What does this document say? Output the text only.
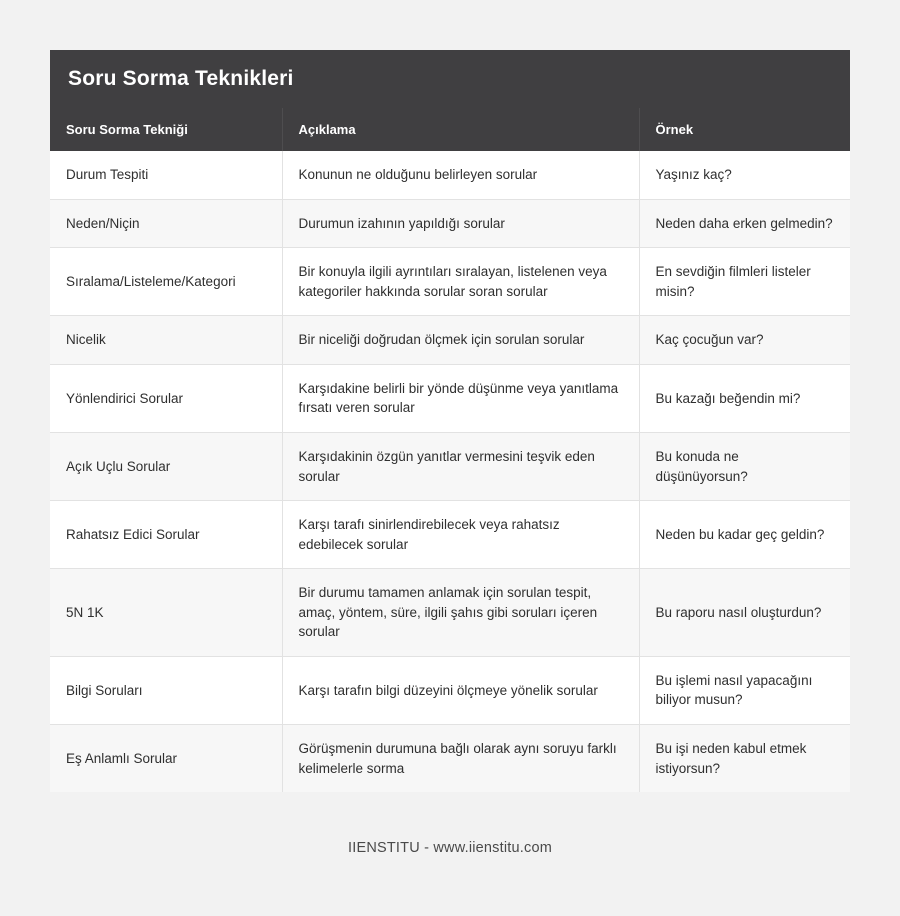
Soru Sorma Teknikleri
Soru Sorma Tekniği	Açıklama	Örnek
Durum Tespiti	Konunun ne olduğunu belirleyen sorular	Yaşınız kaç?
Neden/Niçin	Durumun izahının yapıldığı sorular	Neden daha erken gelmedin?
Sıralama/Listeleme/Kategori	Bir konuyla ilgili ayrıntıları sıralayan, listelenen veya kategoriler hakkında sorular soran sorular	En sevdiğin filmleri listeler misin?
Nicelik	Bir niceliği doğrudan ölçmek için sorulan sorular	Kaç çocuğun var?
Yönlendirici Sorular	Karşıdakine belirli bir yönde düşünme veya yanıtlama fırsatı veren sorular	Bu kazağı beğendin mi?
Açık Uçlu Sorular	Karşıdakinin özgün yanıtlar vermesini teşvik eden sorular	Bu konuda ne düşünüyorsun?
Rahatsız Edici Sorular	Karşı tarafı sinirlendirebilecek veya rahatsız edebilecek sorular	Neden bu kadar geç geldin?
5N 1K	Bir durumu tamamen anlamak için sorulan tespit, amaç, yöntem, süre, ilgili şahıs gibi soruları içeren sorular	Bu raporu nasıl oluşturdun?
Bilgi Soruları	Karşı tarafın bilgi düzeyini ölçmeye yönelik sorular	Bu işlemi nasıl yapacağını biliyor musun?
Eş Anlamlı Sorular	Görüşmenin durumuna bağlı olarak aynı soruyu farklı kelimelerle sorma	Bu işi neden kabul etmek istiyorsun?
IIENSTITU - www.iienstitu.com
